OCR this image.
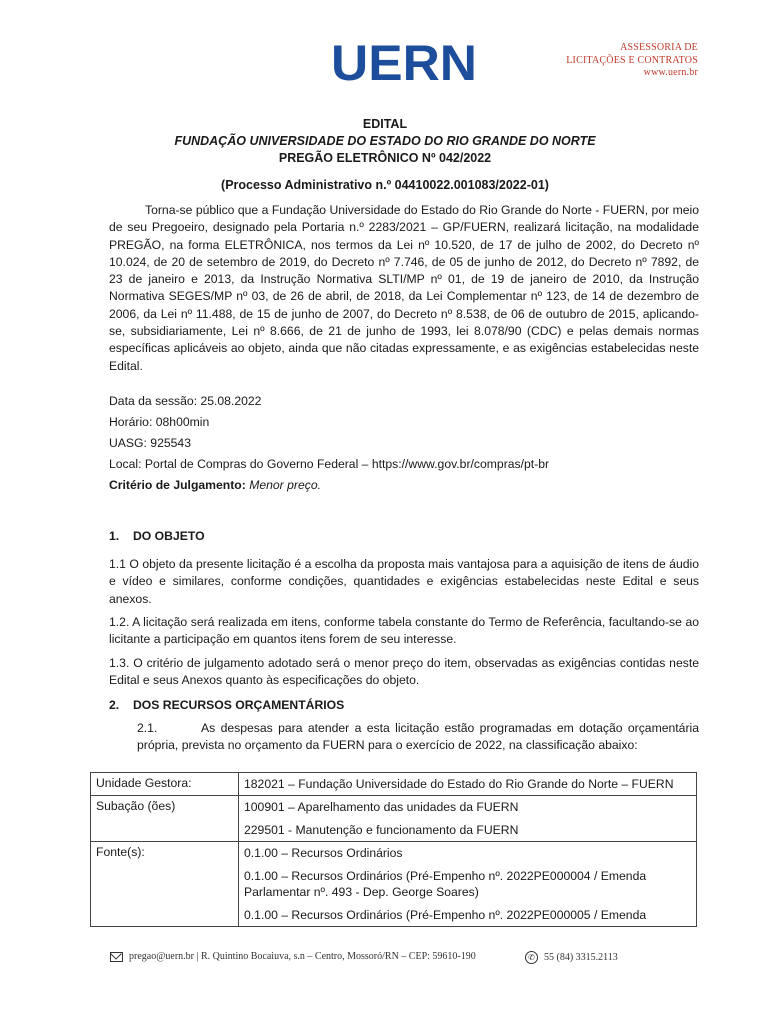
UERN	ASSESSORIA DE
LICITAÇÕES E CONTRATOS
www.uern.br
EDITAL
FUNDAÇÃO UNIVERSIDADE DO ESTADO DO RIO GRANDE DO NORTE
PREGÃO ELETRÔNICO Nº 042/2022
(Processo Administrativo n.º 04410022.001083/2022-01)
Torna-se público que a Fundação Universidade do Estado do Rio Grande do Norte - FUERN, por meio de seu Pregoeiro, designado pela Portaria n.º 2283/2021 – GP/FUERN, realizará licitação, na modalidade PREGÃO, na forma ELETRÔNICA, nos termos da Lei nº 10.520, de 17 de julho de 2002, do Decreto nº 10.024, de 20 de setembro de 2019, do Decreto nº 7.746, de 05 de junho de 2012, do Decreto nº 7892, de 23 de janeiro e 2013, da Instrução Normativa SLTI/MP nº 01, de 19 de janeiro de 2010, da Instrução Normativa SEGES/MP nº 03, de 26 de abril, de 2018, da Lei Complementar nº 123, de 14 de dezembro de 2006, da Lei nº 11.488, de 15 de junho de 2007, do Decreto nº 8.538, de 06 de outubro de 2015, aplicando-se, subsidiariamente, Lei nº 8.666, de 21 de junho de 1993, lei 8.078/90 (CDC) e pelas demais normas específicas aplicáveis ao objeto, ainda que não citadas expressamente, e as exigências estabelecidas neste Edital.
Data da sessão: 25.08.2022
Horário: 08h00min
UASG: 925543
Local: Portal de Compras do Governo Federal – https://www.gov.br/compras/pt-br
Critério de Julgamento: Menor preço.
1. DO OBJETO
1.1 O objeto da presente licitação é a escolha da proposta mais vantajosa para a aquisição de itens de áudio e vídeo e similares, conforme condições, quantidades e exigências estabelecidas neste Edital e seus anexos.
1.2. A licitação será realizada em itens, conforme tabela constante do Termo de Referência, facultando-se ao licitante a participação em quantos itens forem de seu interesse.
1.3. O critério de julgamento adotado será o menor preço do item, observadas as exigências contidas neste Edital e seus Anexos quanto às especificações do objeto.
2. DOS RECURSOS ORÇAMENTÁRIOS
2.1.	As despesas para atender a esta licitação estão programadas em dotação orçamentária própria, prevista no orçamento da FUERN para o exercício de 2022, na classificação abaixo:
Unidade Gestora:	182021 – Fundação Universidade do Estado do Rio Grande do Norte – FUERN

Subação (ões)	100901 – Aparelhamento das unidades da FUERN
229501 - Manutenção e funcionamento da FUERN

Fonte(s):	0.1.00 – Recursos Ordinários
0.1.00 – Recursos Ordinários (Pré-Empenho nº. 2022PE000004 / Emenda Parlamentar nº. 493 - Dep. George Soares)
0.1.00 – Recursos Ordinários (Pré-Empenho nº. 2022PE000005 / Emenda
pregao@uern.br | R. Quintino Bocaiuva, s.n – Centro, Mossoró/RN – CEP: 59610-190	✆ 55 (84) 3315.2113
